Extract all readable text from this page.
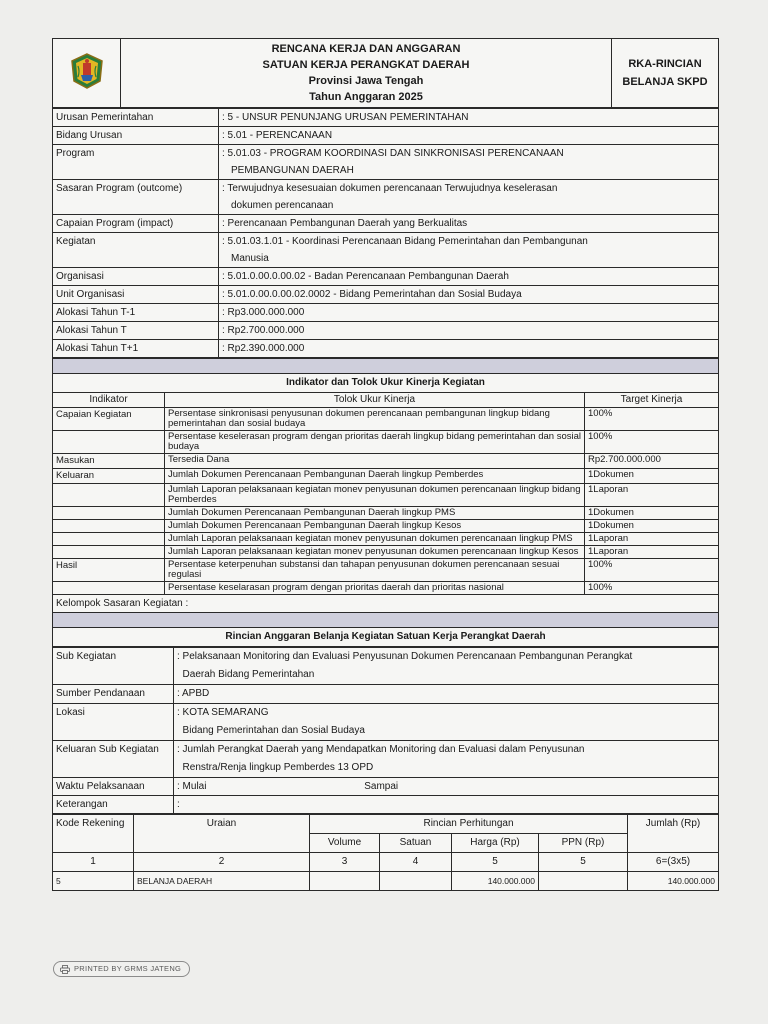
RENCANA KERJA DAN ANGGARAN
SATUAN KERJA PERANGKAT DAERAH
Provinsi Jawa Tengah
Tahun Anggaran 2025

RKA-RINCIAN
BELANJA SKPD
Urusan Pemerintahan	: 5 - UNSUR PENUNJANG URUSAN PEMERINTAHAN

Bidang Urusan	: 5.01 - PERENCANAAN

Program	: 5.01.03 - PROGRAM KOORDINASI DAN SINKRONISASI PERENCANAAN
PEMBANGUNAN DAERAH

Sasaran Program (outcome)	: Terwujudnya kesesuaian dokumen perencanaan Terwujudnya keselerasan
dokumen perencanaan

Capaian Program (impact)	: Perencanaan Pembangunan Daerah yang Berkualitas

Kegiatan	: 5.01.03.1.01 - Koordinasi Perencanaan Bidang Pemerintahan dan Pembangunan
Manusia

Organisasi	: 5.01.0.00.0.00.02 - Badan Perencanaan Pembangunan Daerah

Unit Organisasi	: 5.01.0.00.0.00.02.0002 - Bidang Pemerintahan dan Sosial Budaya

Alokasi Tahun T-1	: Rp3.000.000.000

Alokasi Tahun T	: Rp2.700.000.000

Alokasi Tahun T+1	: Rp2.390.000.000

Indikator dan Tolok Ukur Kinerja Kegiatan		
Indikator	Tolok Ukur Kinerja	Target Kinerja
Capaian Kegiatan	Persentase sinkronisasi penyusunan dokumen perencanaan pembangunan lingkup bidang pemerintahan dan sosial budaya	100%
	Persentase keselerasan program dengan prioritas daerah lingkup bidang pemerintahan dan sosial budaya	100%
Masukan	Tersedia Dana	Rp2.700.000.000
Keluaran	Jumlah Dokumen Perencanaan Pembangunan Daerah lingkup Pemberdes	1Dokumen
	Jumlah Laporan pelaksanaan kegiatan monev penyusunan dokumen perencanaan lingkup bidang Pemberdes	1Laporan
	Jumlah Dokumen Perencanaan Pembangunan Daerah lingkup PMS	1Dokumen
	Jumlah Dokumen Perencanaan Pembangunan Daerah lingkup Kesos	1Dokumen
	Jumlah Laporan pelaksanaan kegiatan monev penyusunan dokumen perencanaan lingkup PMS	1Laporan
	Jumlah Laporan pelaksanaan kegiatan monev penyusunan dokumen perencanaan lingkup Kesos	1Laporan
Hasil	Persentase keterpenuhan substansi dan tahapan penyusunan dokumen perencanaan sesuai regulasi	100%
	Persentase keselarasan program dengan prioritas daerah dan prioritas nasional	100%
Kelompok Sasaran Kegiatan :		

Rincian Anggaran Belanja Kegiatan Satuan Kerja Perangkat Daerah		
Sub Kegiatan	: Pelaksanaan Monitoring dan Evaluasi Penyusunan Dokumen Perencanaan Pembangunan Perangkat
Daerah Bidang Pemerintahan

Sumber Pendanaan	: APBD

Lokasi	: KOTA SEMARANG
Bidang Pemerintahan dan Sosial Budaya

Keluaran Sub Kegiatan	: Jumlah Perangkat Daerah yang Mendapatkan Monitoring dan Evaluasi dalam Penyusunan
Renstra/Renja lingkup Pemberdes 13 OPD

Waktu Pelaksanaan	: Mulai Sampai
Keterangan	:
Kode Rekening	Uraian	Rincian Perhitungan				Jumlah (Rp)
		Volume	Satuan	Harga (Rp)	PPN (Rp)	
1	2	3	4	5	5	6=(3x5)
5	BELANJA DAERAH			140.000.000		140.000.000
PRINTED BY GRMS JATENG
